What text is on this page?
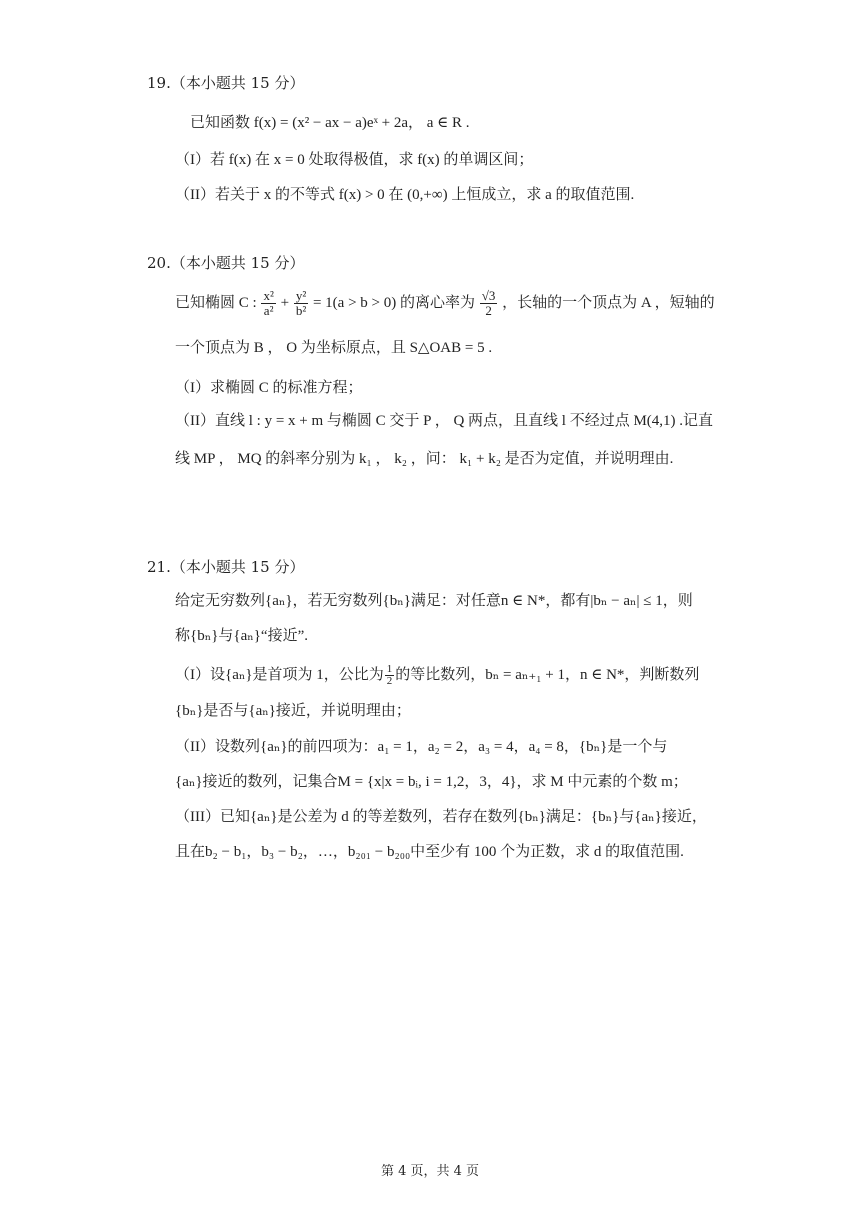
19.（本小题共 15 分）
已知函数 f(x) = (x² − ax − a)eˣ + 2a， a ∈ R .
（I）若 f(x) 在 x = 0 处取得极值，求 f(x) 的单调区间；
（II）若关于 x 的不等式 f(x) > 0 在 (0,+∞) 上恒成立，求 a 的取值范围.
20.（本小题共 15 分）
已知椭圆 C : $\frac{\text{x²}}{\text{a²}} + \frac{\text{y²}}{\text{b²}} = 1(a > b > 0)$ 的离心率为 $\frac{√3}{2}$ ，长轴的一个顶点为 A ，短轴的
一个顶点为 B ， O 为坐标原点，且 S△OAB = 5 .
（I）求椭圆 C 的标准方程；
（II）直线 l : y = x + m 与椭圆 C 交于 P ， Q 两点，且直线 l 不经过点 M(4,1) .记直
线 MP ， MQ 的斜率分别为 k₁ ， k₂ ，问： k₁ + k₂ 是否为定值，并说明理由.
21.（本小题共 15 分）
给定无穷数列{aₙ}，若无穷数列{bₙ}满足：对任意n ∈ N*，都有|bₙ − aₙ| ≤ 1，则
称{bₙ}与{aₙ}“接近”.
（I）设{aₙ}是首项为 1，公比为 $\frac{1}{2}$ 的等比数列，bₙ = aₙ₊₁ + 1，n ∈ N*，判断数列
{bₙ}是否与{aₙ}接近，并说明理由；
（II）设数列{aₙ}的前四项为：a₁ = 1，a₂ = 2，a₃ = 4，a₄ = 8，{bₙ}是一个与
{aₙ}接近的数列，记集合M = {x|x = bᵢ, i = 1,2，3，4}，求 M 中元素的个数 m；
（III）已知{aₙ}是公差为 d 的等差数列，若存在数列{bₙ}满足：{bₙ}与{aₙ}接近，
且在b₂ − b₁，b₃ − b₂，…，b₂₀₁ − b₂₀₀中至少有 100 个为正数，求 d 的取值范围.
第 4 页，共 4 页
